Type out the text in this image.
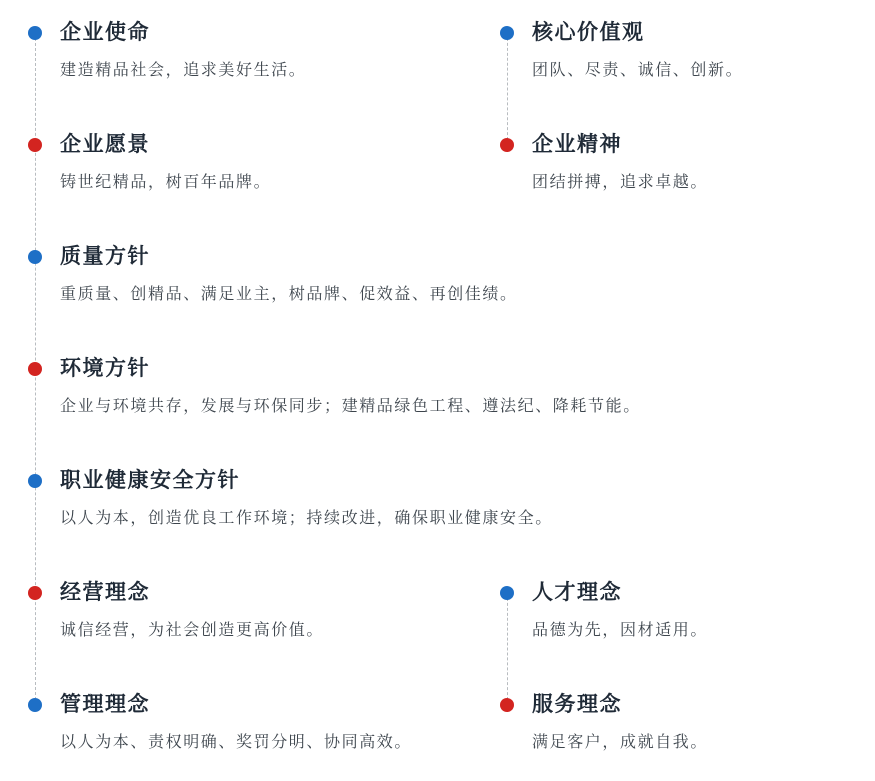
企业使命
建造精品社会，追求美好生活。
企业愿景
铸世纪精品，树百年品牌。
质量方针
重质量、创精品、满足业主，树品牌、促效益、再创佳绩。
环境方针
企业与环境共存，发展与环保同步；建精品绿色工程、遵法纪、降耗节能。
职业健康安全方针
以人为本，创造优良工作环境；持续改进，确保职业健康安全。
经营理念
诚信经营，为社会创造更高价值。
管理理念
以人为本、责权明确、奖罚分明、协同高效。
核心价值观
团队、尽责、诚信、创新。
企业精神
团结拼搏，追求卓越。
人才理念
品德为先，因材适用。
服务理念
满足客户，成就自我。
